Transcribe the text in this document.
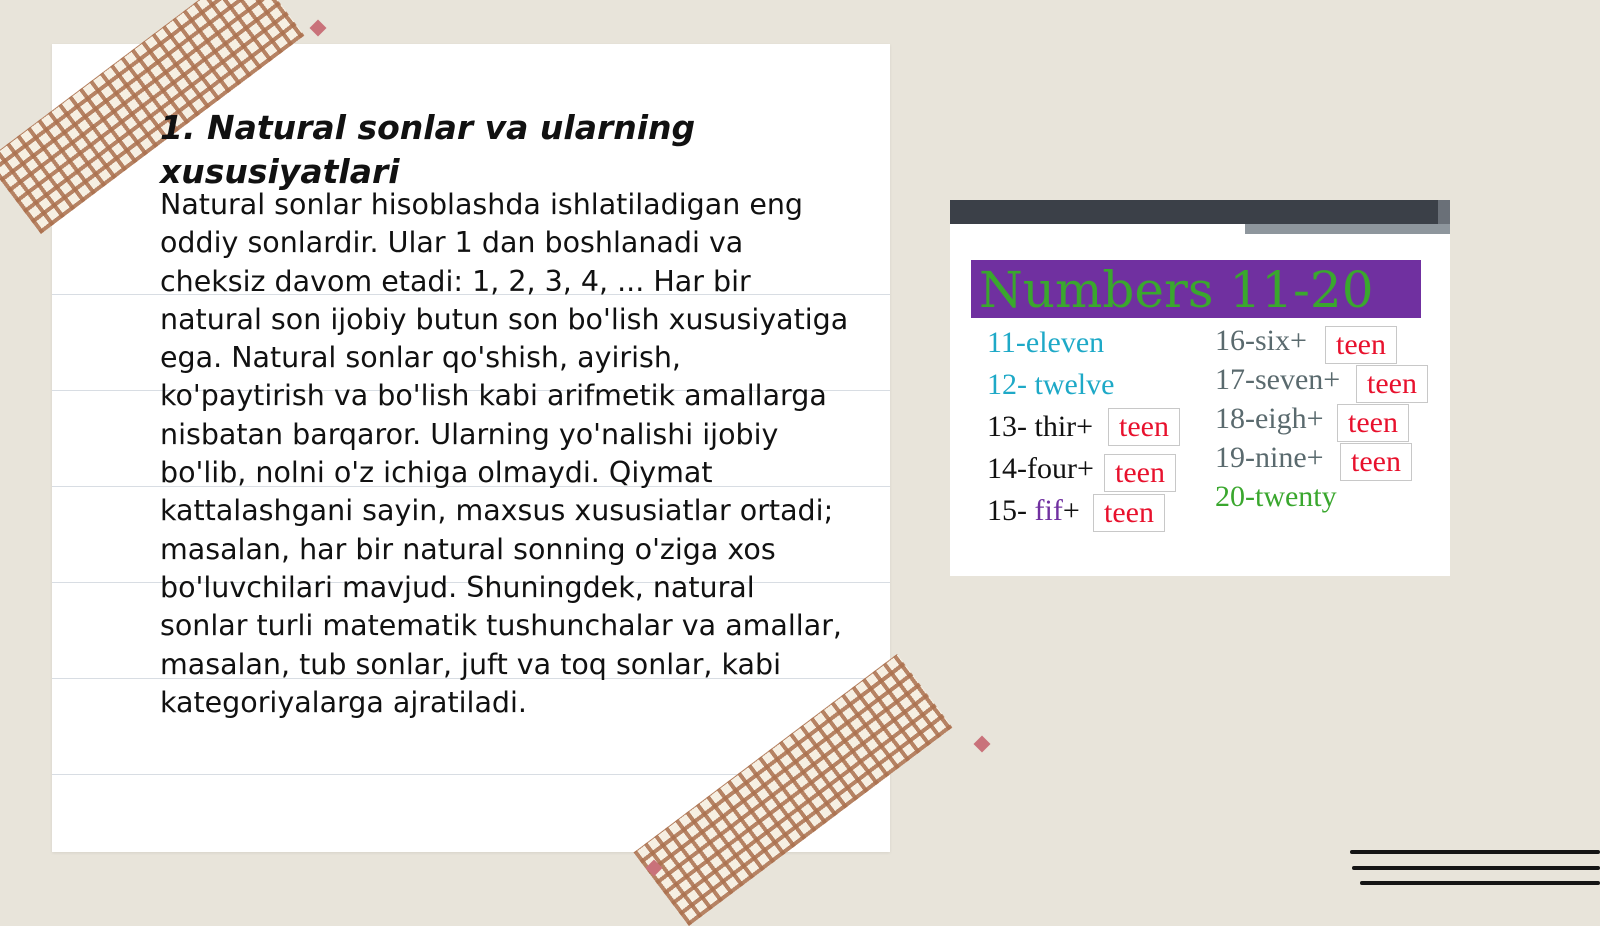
1. Natural sonlar va ularning xususiyatlari

Natural sonlar hisoblashda ishlatiladigan eng oddiy sonlardir. Ular 1 dan boshlanadi va cheksiz davom etadi: 1, 2, 3, 4, ... Har bir natural son ijobiy butun son bo'lish xususiyatiga ega. Natural sonlar qo'shish, ayirish, ko'paytirish va bo'lish kabi arifmetik amallarga nisbatan barqaror. Ularning yo'nalishi ijobiy bo'lib, nolni o'z ichiga olmaydi. Qiymat kattalashgani sayin, maxsus xususiatlar ortadi; masalan, har bir natural sonning o'ziga xos bo'luvchilari mavjud. Shuningdek, natural sonlar turli matematik tushunchalar va amallar, masalan, tub sonlar, juft va toq sonlar, kabi kategoriyalarga ajratiladi.

Numbers 11-20
11-eleven
12- twelve
13- thir+ teen
14-four+ teen
15- fif+ teen
16-six+ teen
17-seven+ teen
18-eigh+ teen
19-nine+ teen
20-twenty
